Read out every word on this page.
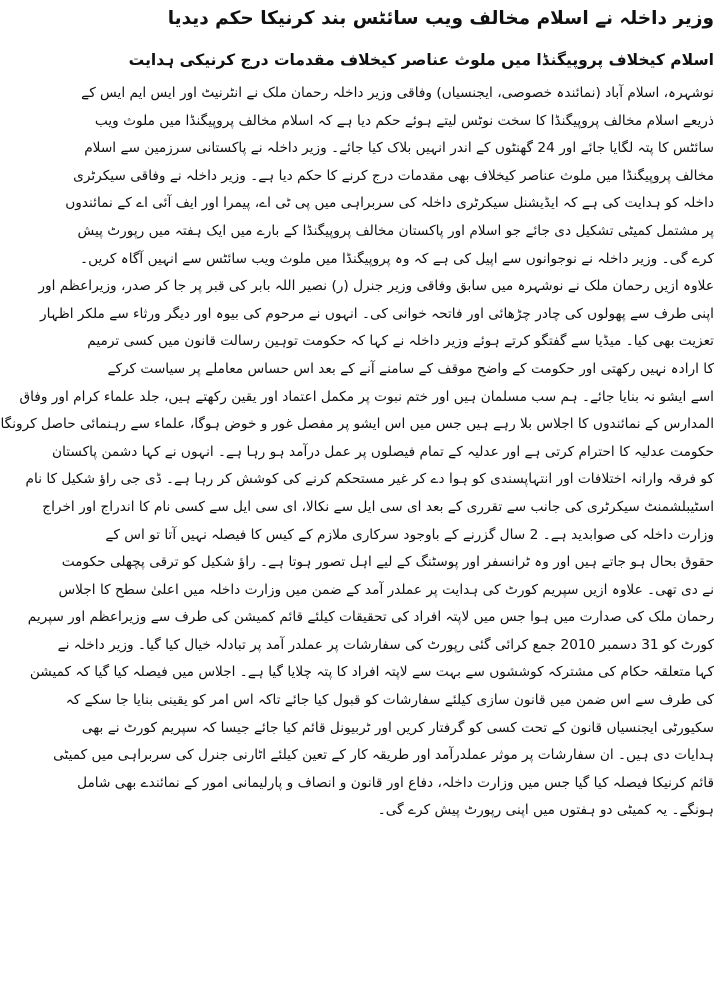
وزیر داخلہ نے اسلام مخالف ویب سائٹس بند کرنیکا حکم دیدیا
اسلام کیخلاف پروپیگنڈا میں ملوث عناصر کیخلاف مقدمات درج کرنیکی ہدایت
نوشہرہ، اسلام آباد (نمائندہ خصوصی، ایجنسیاں) وفاقی وزیر داخلہ رحمان ملک نے انٹرنیٹ اور ایس ایم ایس کے
ذریعے اسلام مخالف پروپیگنڈا کا سخت نوٹس لیتے ہوئے حکم دیا ہے کہ اسلام مخالف پروپیگنڈا میں ملوث ویب
سائٹس کا پتہ لگایا جائے اور 24 گھنٹوں کے اندر انہیں بلاک کیا جائے۔ وزیر داخلہ نے پاکستانی سرزمین سے اسلام
مخالف پروپیگنڈا میں ملوث عناصر کیخلاف بھی مقدمات درج کرنے کا حکم دیا ہے۔ وزیر داخلہ نے وفاقی سیکرٹری
داخلہ کو ہدایت کی ہے کہ ایڈیشنل سیکرٹری داخلہ کی سربراہی میں پی ٹی اے، پیمرا اور ایف آئی اے کے نمائندوں
پر مشتمل کمیٹی تشکیل دی جائے جو اسلام اور پاکستان مخالف پروپیگنڈا کے بارے میں ایک ہفتہ میں رپورٹ پیش
کرے گی۔ وزیر داخلہ نے نوجوانوں سے اپیل کی ہے کہ وہ پروپیگنڈا میں ملوث ویب سائٹس سے انہیں آگاہ کریں۔
علاوہ ازیں رحمان ملک نے نوشہرہ میں سابق وفاقی وزیر جنرل (ر) نصیر اللہ بابر کی قبر پر جا کر صدر، وزیراعظم اور
اپنی طرف سے پھولوں کی چادر چڑھائی اور فاتحہ خوانی کی۔ انہوں نے مرحوم کی بیوہ اور دیگر ورثاء سے ملکر اظہار
تعزیت بھی کیا۔ میڈیا سے گفتگو کرتے ہوئے وزیر داخلہ نے کہا کہ حکومت توہین رسالت قانون میں کسی ترمیم
کا ارادہ نہیں رکھتی اور حکومت کے واضح موقف کے سامنے آنے کے بعد اس حساس معاملے پر سیاست کرکے
اسے ایشو نہ بنایا جائے۔ ہم سب مسلمان ہیں اور ختم نبوت پر مکمل اعتماد اور یقین رکھتے ہیں، جلد علماء کرام اور وفاق
المدارس کے نمائندوں کا اجلاس بلا رہے ہیں جس میں اس ایشو پر مفصل غور و خوض ہوگا، علماء سے رہنمائی حاصل کرونگا
حکومت عدلیہ کا احترام کرتی ہے اور عدلیہ کے تمام فیصلوں پر عمل درآمد ہو رہا ہے۔ انہوں نے کہا دشمن پاکستان
کو فرقہ وارانہ اختلافات اور انتہاپسندی کو ہوا دے کر غیر مستحکم کرنے کی کوشش کر رہا ہے۔ ڈی جی راؤ شکیل کا نام
اسٹیبلشمنٹ سیکرٹری کی جانب سے تقرری کے بعد ای سی ایل سے نکالا، ای سی ایل سے کسی نام کا اندراج اور اخراج
وزارت داخلہ کی صوابدید ہے۔ 2 سال گزرنے کے باوجود سرکاری ملازم کے کیس کا فیصلہ نہیں آتا تو اس کے
حقوق بحال ہو جاتے ہیں اور وہ ٹرانسفر اور پوسٹنگ کے لیے اہل تصور ہوتا ہے۔ راؤ شکیل کو ترقی پچھلی حکومت
نے دی تھی۔ علاوہ ازیں سپریم کورٹ کی ہدایت پر عملدر آمد کے ضمن میں وزارت داخلہ میں اعلیٰ سطح کا اجلاس
رحمان ملک کی صدارت میں ہوا جس میں لاپتہ افراد کی تحقیقات کیلئے قائم کمیشن کی طرف سے وزیراعظم اور سپریم
کورٹ کو 31 دسمبر 2010 جمع کرائی گئی رپورٹ کی سفارشات پر عملدر آمد پر تبادلہ خیال کیا گیا۔ وزیر داخلہ نے
کہا متعلقہ حکام کی مشترکہ کوششوں سے بہت سے لاپتہ افراد کا پتہ چلایا گیا ہے۔ اجلاس میں فیصلہ کیا گیا کہ کمیشن
کی طرف سے اس ضمن میں قانون سازی کیلئے سفارشات کو قبول کیا جائے تاکہ اس امر کو یقینی بنایا جا سکے کہ
سکیورٹی ایجنسیاں قانون کے تحت کسی کو گرفتار کریں اور ٹربیونل قائم کیا جائے جیسا کہ سپریم کورٹ نے بھی
ہدایات دی ہیں۔ ان سفارشات پر موثر عملدرآمد اور طریقہ کار کے تعین کیلئے اٹارنی جنرل کی سربراہی میں کمیٹی
قائم کرنیکا فیصلہ کیا گیا جس میں وزارت داخلہ، دفاع اور قانون و انصاف و پارلیمانی امور کے نمائندے بھی شامل
ہونگے۔ یہ کمیٹی دو ہفتوں میں اپنی رپورٹ پیش کرے گی۔
